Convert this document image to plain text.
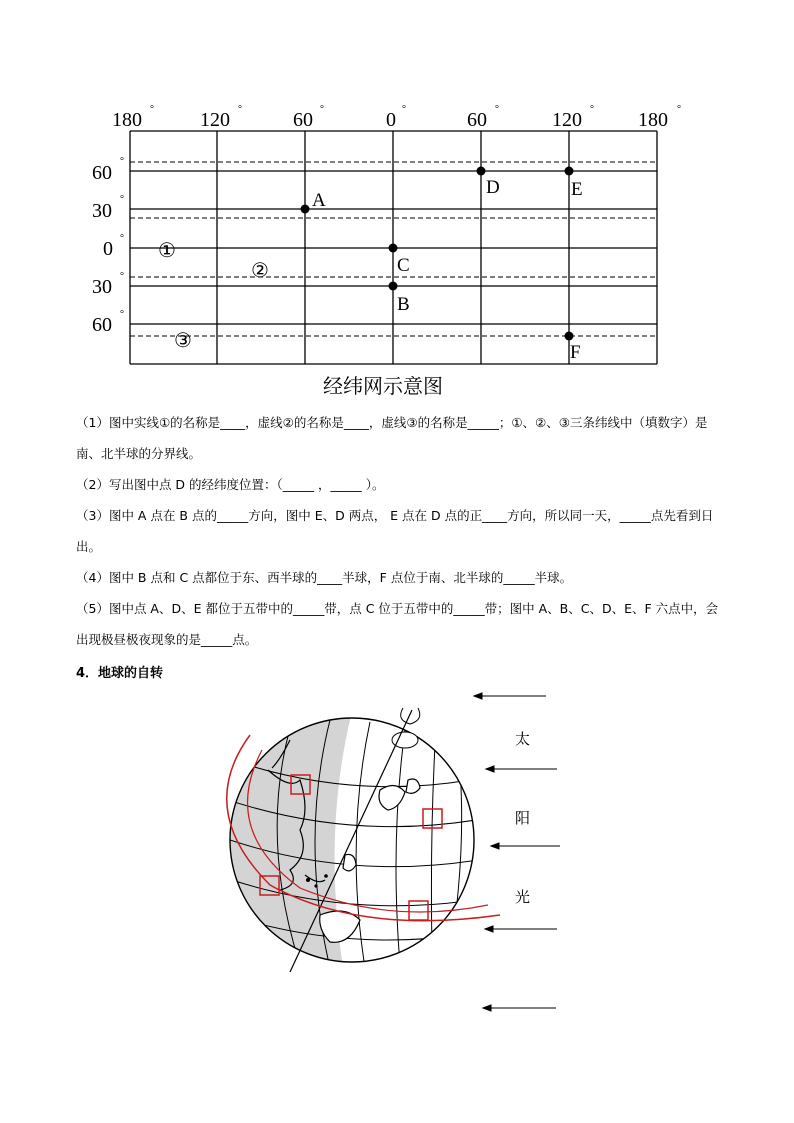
180 ° 120 °	60 °	0 °	60 °	120 ° 180 °
60
°
30
°
0 °
30 °
60 °
①
②
③
A
B
C
D	E
F
经纬网示意图

（1）图中实线①的名称是____，虚线②的名称是____，虚线③的名称是_____；①、②、③三条纬线中（填数字）是南、北半球的分界线。

（2）写出图中点 D 的经纬度位置：（_____ ，_____ ）。

（3）图中 A 点在 B 点的_____方向，图中 E、D 两点， E 点在 D 点的正____方向，所以同一天，_____点先看到日出。

（4）图中 B 点和 C 点都位于东、西半球的____半球，F 点位于南、北半球的_____半球。

（5）图中点 A、D、E 都位于五带中的_____带，点 C 位于五带中的_____带；图中 A、B、C、D、E、F 六点中，会出现极昼极夜现象的是_____点。

4．地球的自转
太
阳
光
